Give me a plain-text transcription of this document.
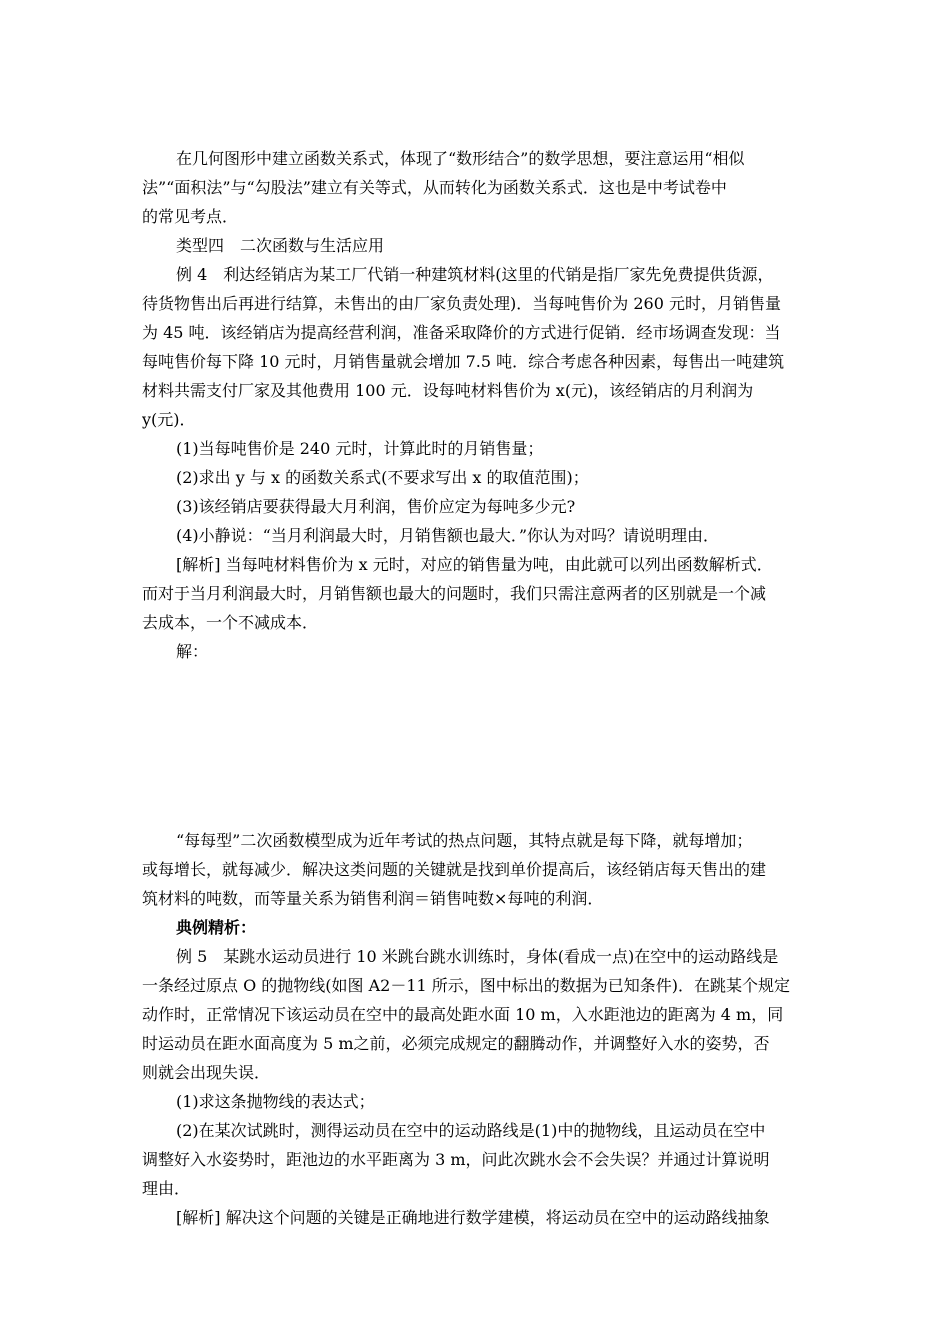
在几何图形中建立函数关系式，体现了“数形结合”的数学思想，要注意运用“相似
法”“面积法”与“勾股法”建立有关等式，从而转化为函数关系式．这也是中考试卷中
的常见考点．
类型四　二次函数与生活应用
例 4　利达经销店为某工厂代销一种建筑材料(这里的代销是指厂家先免费提供货源，
待货物售出后再进行结算，未售出的由厂家负责处理)．当每吨售价为 260 元时，月销售量
为 45 吨．该经销店为提高经营利润，准备采取降价的方式进行促销．经市场调查发现：当
每吨售价每下降 10 元时，月销售量就会增加 7.5 吨．综合考虑各种因素，每售出一吨建筑
材料共需支付厂家及其他费用 100 元．设每吨材料售价为 x(元)，该经销店的月利润为
y(元)．
(1)当每吨售价是 240 元时，计算此时的月销售量；
(2)求出 y 与 x 的函数关系式(不要求写出 x 的取值范围)；
(3)该经销店要获得最大月利润，售价应定为每吨多少元?
(4)小静说：“当月利润最大时，月销售额也最大．”你认为对吗？请说明理由．
[解析] 当每吨材料售价为 x 元时，对应的销售量为吨，由此就可以列出函数解析式．
而对于当月利润最大时，月销售额也最大的问题时，我们只需注意两者的区别就是一个减
去成本，一个不减成本．
解：
“每每型”二次函数模型成为近年考试的热点问题，其特点就是每下降，就每增加；
或每增长，就每减少．解决这类问题的关键就是找到单价提高后，该经销店每天售出的建
筑材料的吨数，而等量关系为销售利润＝销售吨数×每吨的利润．
典例精析：
例 5　某跳水运动员进行 10 米跳台跳水训练时，身体(看成一点)在空中的运动路线是
一条经过原点 O 的抛物线(如图 A2－11 所示，图中标出的数据为已知条件)．在跳某个规定
动作时，正常情况下该运动员在空中的最高处距水面 10 m，入水距池边的距离为 4 m，同
时运动员在距水面高度为 5 m之前，必须完成规定的翻腾动作，并调整好入水的姿势，否
则就会出现失误．
(1)求这条抛物线的表达式；
(2)在某次试跳时，测得运动员在空中的运动路线是(1)中的抛物线，且运动员在空中
调整好入水姿势时，距池边的水平距离为 3 m，问此次跳水会不会失误？并通过计算说明
理由．
[解析] 解决这个问题的关键是正确地进行数学建模，将运动员在空中的运动路线抽象
